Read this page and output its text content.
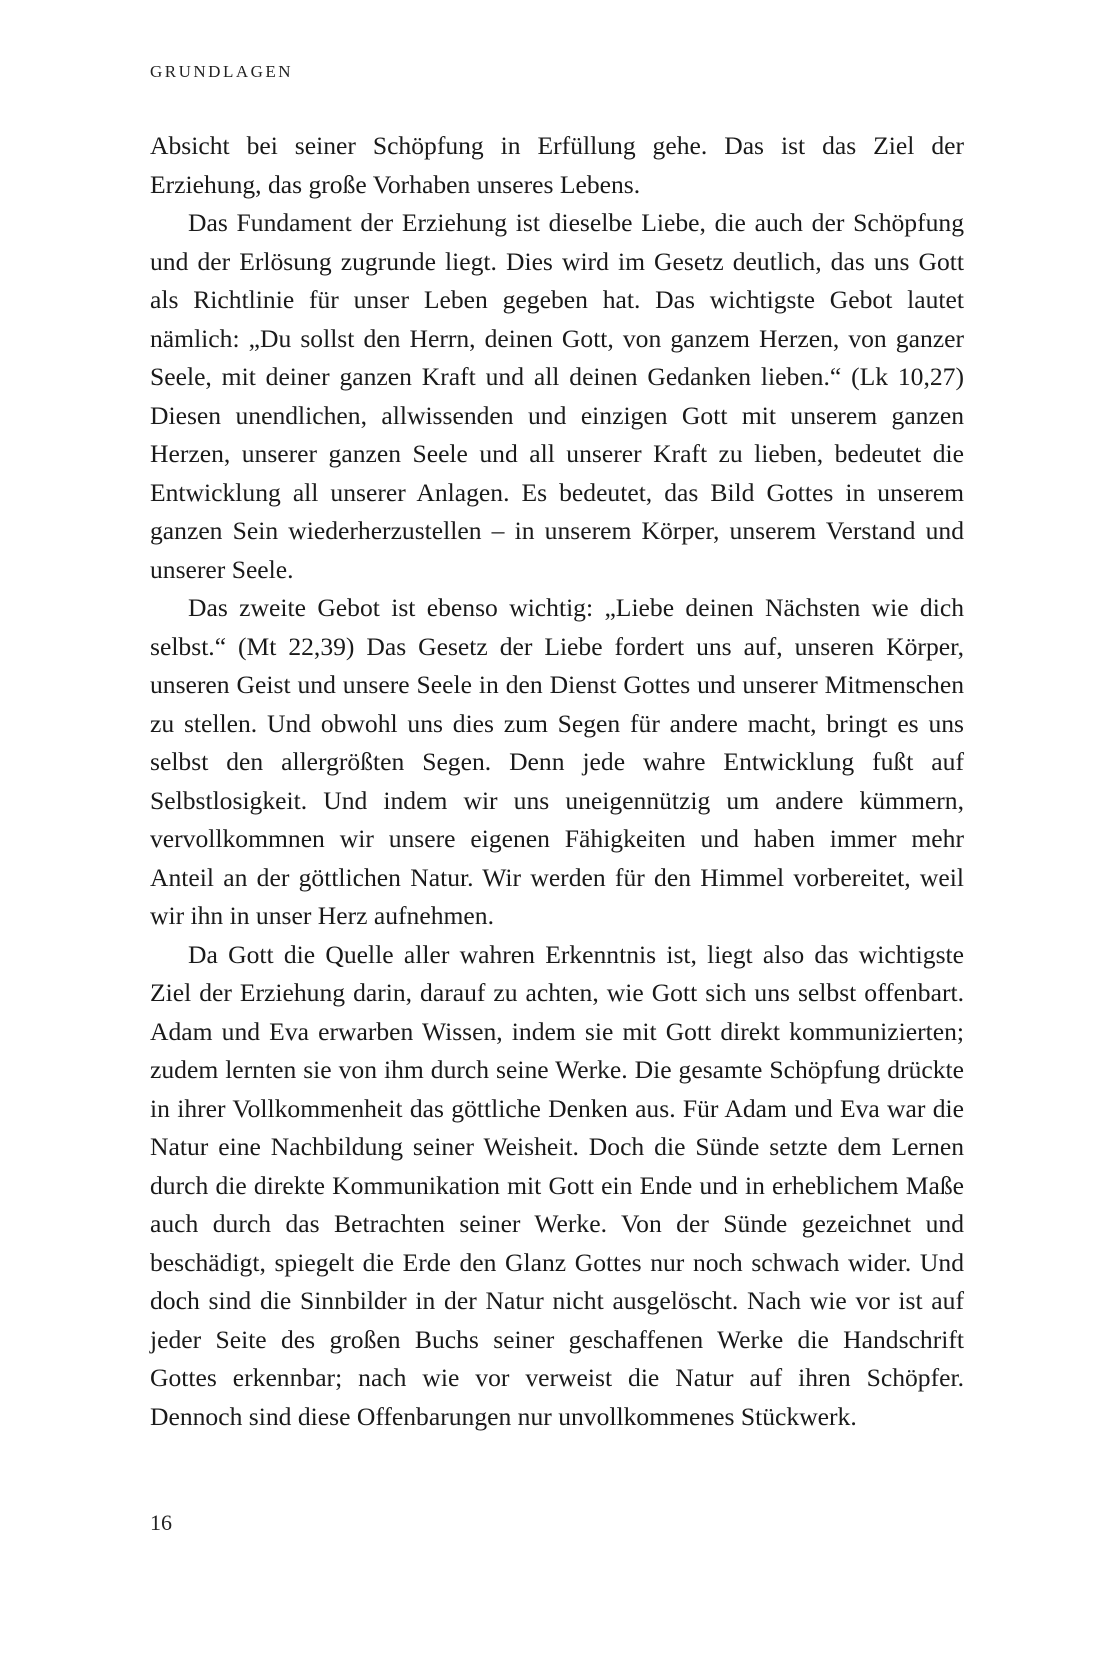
GRUNDLAGEN

Absicht bei seiner Schöpfung in Erfüllung gehe. Das ist das Ziel der Erziehung, das große Vorhaben unseres Lebens.

Das Fundament der Erziehung ist dieselbe Liebe, die auch der Schöpfung und der Erlösung zugrunde liegt. Dies wird im Gesetz deutlich, das uns Gott als Richtlinie für unser Leben gegeben hat. Das wichtigste Gebot lautet nämlich: „Du sollst den Herrn, deinen Gott, von ganzem Herzen, von ganzer Seele, mit deiner ganzen Kraft und all deinen Gedanken lieben.“ (Lk 10,27) Diesen unendlichen, allwissenden und einzigen Gott mit unserem ganzen Herzen, unserer ganzen Seele und all unserer Kraft zu lieben, bedeutet die Entwicklung all unserer Anlagen. Es bedeutet, das Bild Gottes in unserem ganzen Sein wiederherzustellen – in unserem Körper, unserem Verstand und unserer Seele.

Das zweite Gebot ist ebenso wichtig: „Liebe deinen Nächsten wie dich selbst.“ (Mt 22,39) Das Gesetz der Liebe fordert uns auf, unseren Körper, unseren Geist und unsere Seele in den Dienst Gottes und unserer Mitmenschen zu stellen. Und obwohl uns dies zum Segen für andere macht, bringt es uns selbst den allergrößten Segen. Denn jede wahre Entwicklung fußt auf Selbstlosigkeit. Und indem wir uns uneigennützig um andere kümmern, vervollkommnen wir unsere eigenen Fähigkeiten und haben immer mehr Anteil an der göttlichen Natur. Wir werden für den Himmel vorbereitet, weil wir ihn in unser Herz aufnehmen.

Da Gott die Quelle aller wahren Erkenntnis ist, liegt also das wichtigste Ziel der Erziehung darin, darauf zu achten, wie Gott sich uns selbst offenbart. Adam und Eva erwarben Wissen, indem sie mit Gott direkt kommunizierten; zudem lernten sie von ihm durch seine Werke. Die gesamte Schöpfung drückte in ihrer Vollkommenheit das göttliche Denken aus. Für Adam und Eva war die Natur eine Nachbildung seiner Weisheit. Doch die Sünde setzte dem Lernen durch die direkte Kommunikation mit Gott ein Ende und in erheblichem Maße auch durch das Betrachten seiner Werke. Von der Sünde gezeichnet und beschädigt, spiegelt die Erde den Glanz Gottes nur noch schwach wider. Und doch sind die Sinnbilder in der Natur nicht ausgelöscht. Nach wie vor ist auf jeder Seite des großen Buchs seiner geschaffenen Werke die Handschrift Gottes erkennbar; nach wie vor verweist die Natur auf ihren Schöpfer. Dennoch sind diese Offenbarungen nur unvollkommenes Stückwerk.

16
